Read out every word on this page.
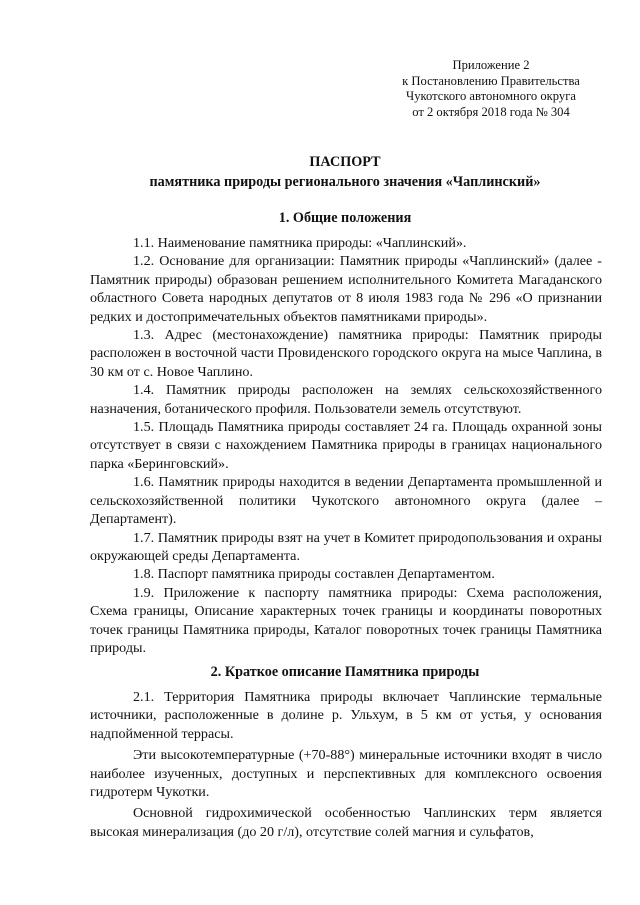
Приложение 2
к Постановлению Правительства
Чукотского автономного округа
от 2 октября 2018 года № 304
ПАСПОРТ
памятника природы регионального значения «Чаплинский»
1. Общие положения

1.1. Наименование памятника природы: «Чаплинский».

1.2. Основание для организации: Памятник природы «Чаплинский» (далее - Памятник природы) образован решением исполнительного Комитета Магаданского областного Совета народных депутатов от 8 июля 1983 года № 296 «О признании редких и достопримечательных объектов памятниками природы».

1.3. Адрес (местонахождение) памятника природы: Памятник природы расположен в восточной части Провиденского городского округа на мысе Чаплина, в 30 км от с. Новое Чаплино.

1.4. Памятник природы расположен на землях сельскохозяйственного назначения, ботанического профиля. Пользователи земель отсутствуют.

1.5. Площадь Памятника природы составляет 24 га. Площадь охранной зоны отсутствует в связи с нахождением Памятника природы в границах национального парка «Беринговский».

1.6. Памятник природы находится в ведении Департамента промышленной и сельскохозяйственной политики Чукотского автономного округа (далее – Департамент).

1.7. Памятник природы взят на учет в Комитет природопользования и охраны окружающей среды Департамента.

1.8. Паспорт памятника природы составлен Департаментом.

1.9. Приложение к паспорту памятника природы: Схема расположения, Схема границы, Описание характерных точек границы и координаты поворотных точек границы Памятника природы, Каталог поворотных точек границы Памятника природы.

2. Краткое описание Памятника природы

2.1. Территория Памятника природы включает Чаплинские термальные источники, расположенные в долине р. Ульхум, в 5 км от устья, у основания надпойменной террасы.

Эти высокотемпературные (+70-88°) минеральные источники входят в число наиболее изученных, доступных и перспективных для комплексного освоения гидротерм Чукотки.

Основной гидрохимической особенностью Чаплинских терм является высокая минерализация (до 20 г/л), отсутствие солей магния и сульфатов,
